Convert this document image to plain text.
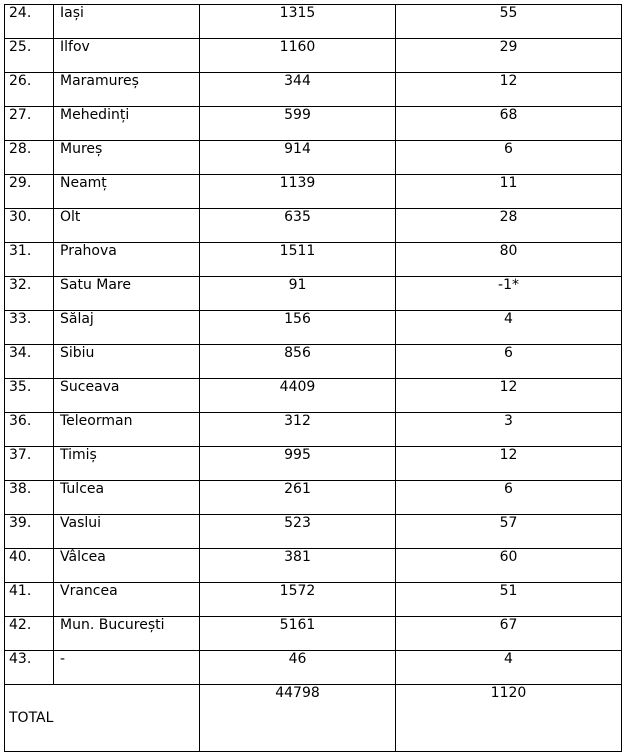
24.	Iași	1315	55
25.	Ilfov	1160	29
26.	Maramureș	344	12
27.	Mehedinți	599	68
28.	Mureș	914	6
29.	Neamț	1139	11
30.	Olt	635	28
31.	Prahova	1511	80
32.	Satu Mare	91	-1*
33.	Sălaj	156	4
34.	Sibiu	856	6
35.	Suceava	4409	12
36.	Teleorman	312	3
37.	Timiș	995	12
38.	Tulcea	261	6
39.	Vaslui	523	57
40.	Vâlcea	381	60
41.	Vrancea	1572	51
42.	Mun. București	5161	67
43.	-	46	4
TOTAL		44798	1120
